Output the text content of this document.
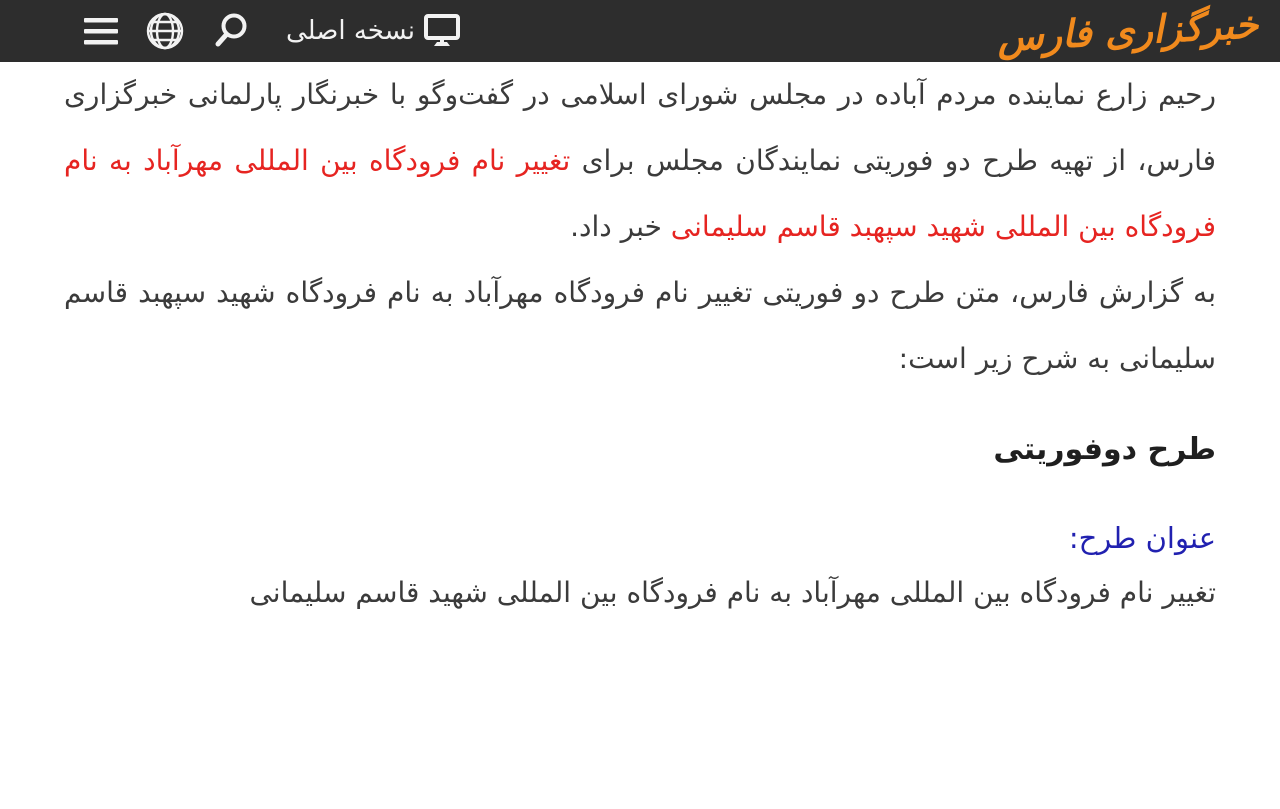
نسخه اصلی	خبرگزاری فارس

رحیم زارع نماینده مردم آباده در مجلس شورای اسلامی در گفت‌وگو با خبرنگار پارلمانی خبرگزاری فارس، از تهیه طرح دو فوریتی نمایندگان مجلس برای تغییر نام فرودگاه بین المللی مهرآباد به نام فرودگاه بین المللی شهید سپهبد قاسم سلیمانی خبر داد.

به گزارش فارس، متن طرح دو فوریتی تغییر نام فرودگاه مهرآباد به نام فرودگاه شهید سپهبد قاسم سلیمانی به شرح زیر است:

طرح دوفوریتی
عنوان طرح:

تغییر نام فرودگاه بین المللی مهرآباد به نام فرودگاه بین المللی شهید قاسم سلیمانی
